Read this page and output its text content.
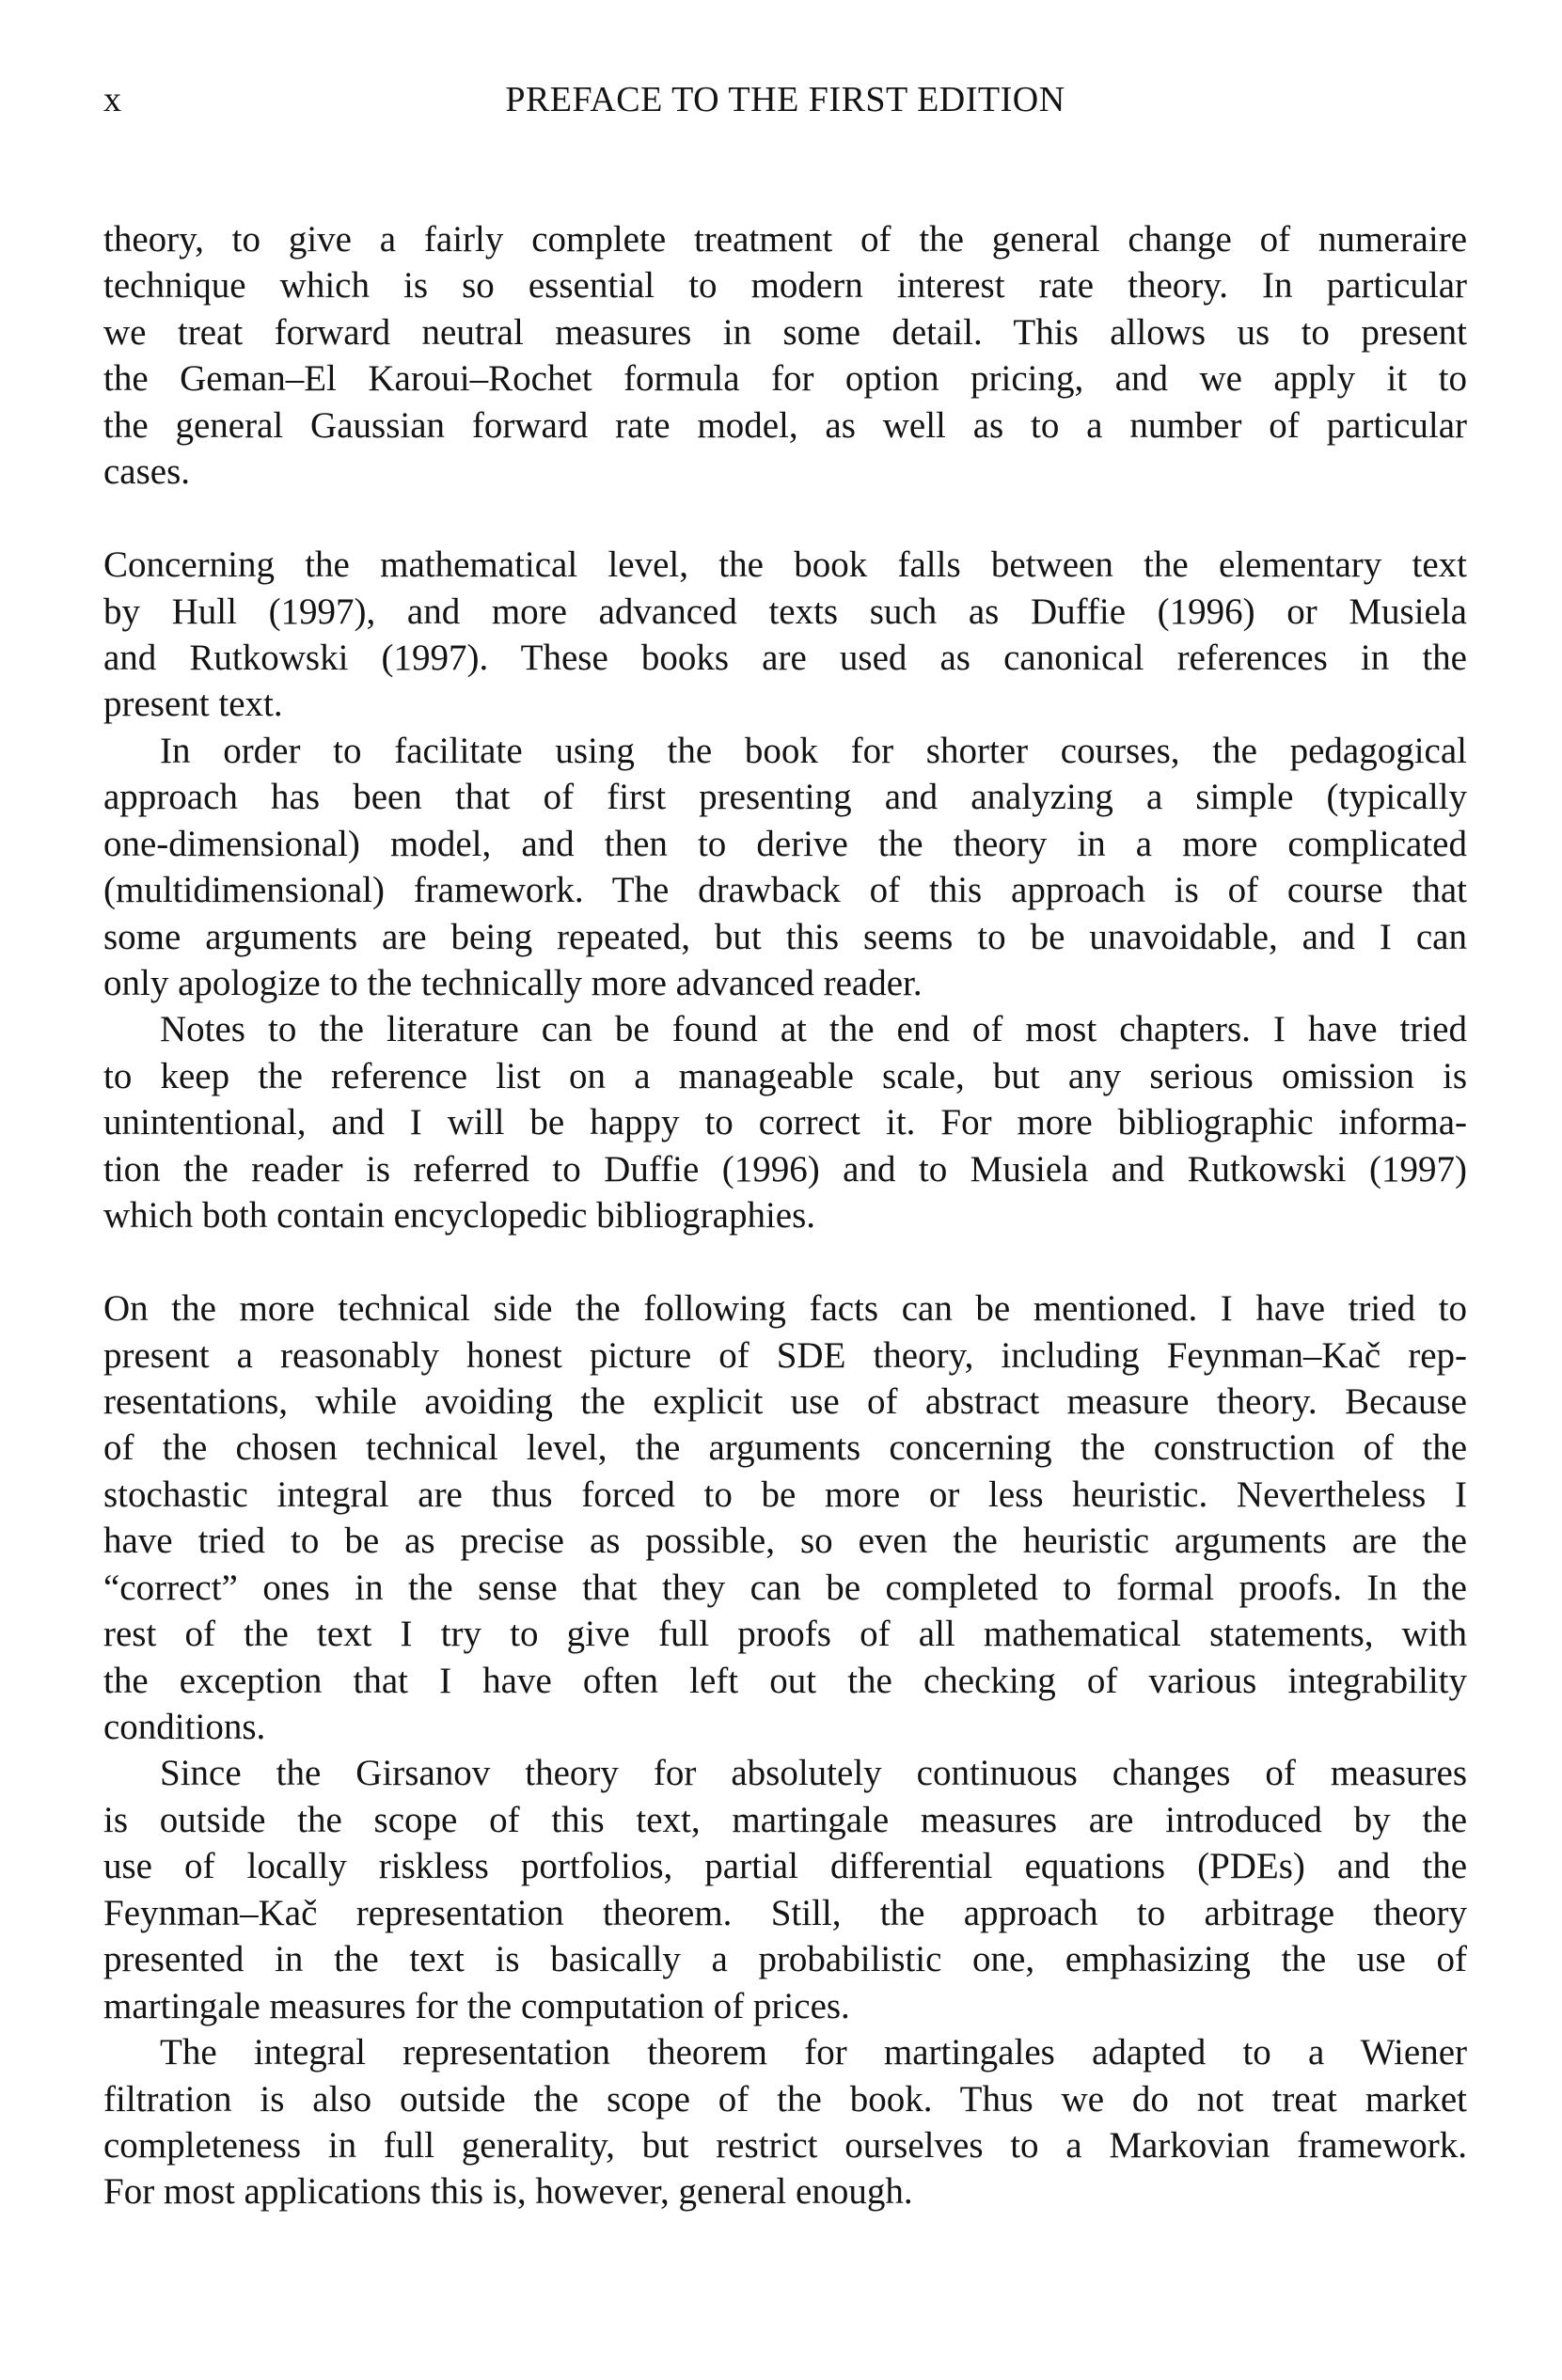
x	PREFACE TO THE FIRST EDITION
theory, to give a fairly complete treatment of the general change of numeraire
technique which is so essential to modern interest rate theory. In particular
we treat forward neutral measures in some detail. This allows us to present
the Geman–El Karoui–Rochet formula for option pricing, and we apply it to
the general Gaussian forward rate model, as well as to a number of particular
cases.
Concerning the mathematical level, the book falls between the elementary text
by Hull (1997), and more advanced texts such as Duffie (1996) or Musiela
and Rutkowski (1997). These books are used as canonical references in the
present text.
In order to facilitate using the book for shorter courses, the pedagogical
approach has been that of first presenting and analyzing a simple (typically
one-dimensional) model, and then to derive the theory in a more complicated
(multidimensional) framework. The drawback of this approach is of course that
some arguments are being repeated, but this seems to be unavoidable, and I can
only apologize to the technically more advanced reader.
Notes to the literature can be found at the end of most chapters. I have tried
to keep the reference list on a manageable scale, but any serious omission is
unintentional, and I will be happy to correct it. For more bibliographic informa-
tion the reader is referred to Duffie (1996) and to Musiela and Rutkowski (1997)
which both contain encyclopedic bibliographies.
On the more technical side the following facts can be mentioned. I have tried to
present a reasonably honest picture of SDE theory, including Feynman–Kač rep-
resentations, while avoiding the explicit use of abstract measure theory. Because
of the chosen technical level, the arguments concerning the construction of the
stochastic integral are thus forced to be more or less heuristic. Nevertheless I
have tried to be as precise as possible, so even the heuristic arguments are the
“correct” ones in the sense that they can be completed to formal proofs. In the
rest of the text I try to give full proofs of all mathematical statements, with
the exception that I have often left out the checking of various integrability
conditions.
Since the Girsanov theory for absolutely continuous changes of measures
is outside the scope of this text, martingale measures are introduced by the
use of locally riskless portfolios, partial differential equations (PDEs) and the
Feynman–Kač representation theorem. Still, the approach to arbitrage theory
presented in the text is basically a probabilistic one, emphasizing the use of
martingale measures for the computation of prices.
The integral representation theorem for martingales adapted to a Wiener
filtration is also outside the scope of the book. Thus we do not treat market
completeness in full generality, but restrict ourselves to a Markovian framework.
For most applications this is, however, general enough.
